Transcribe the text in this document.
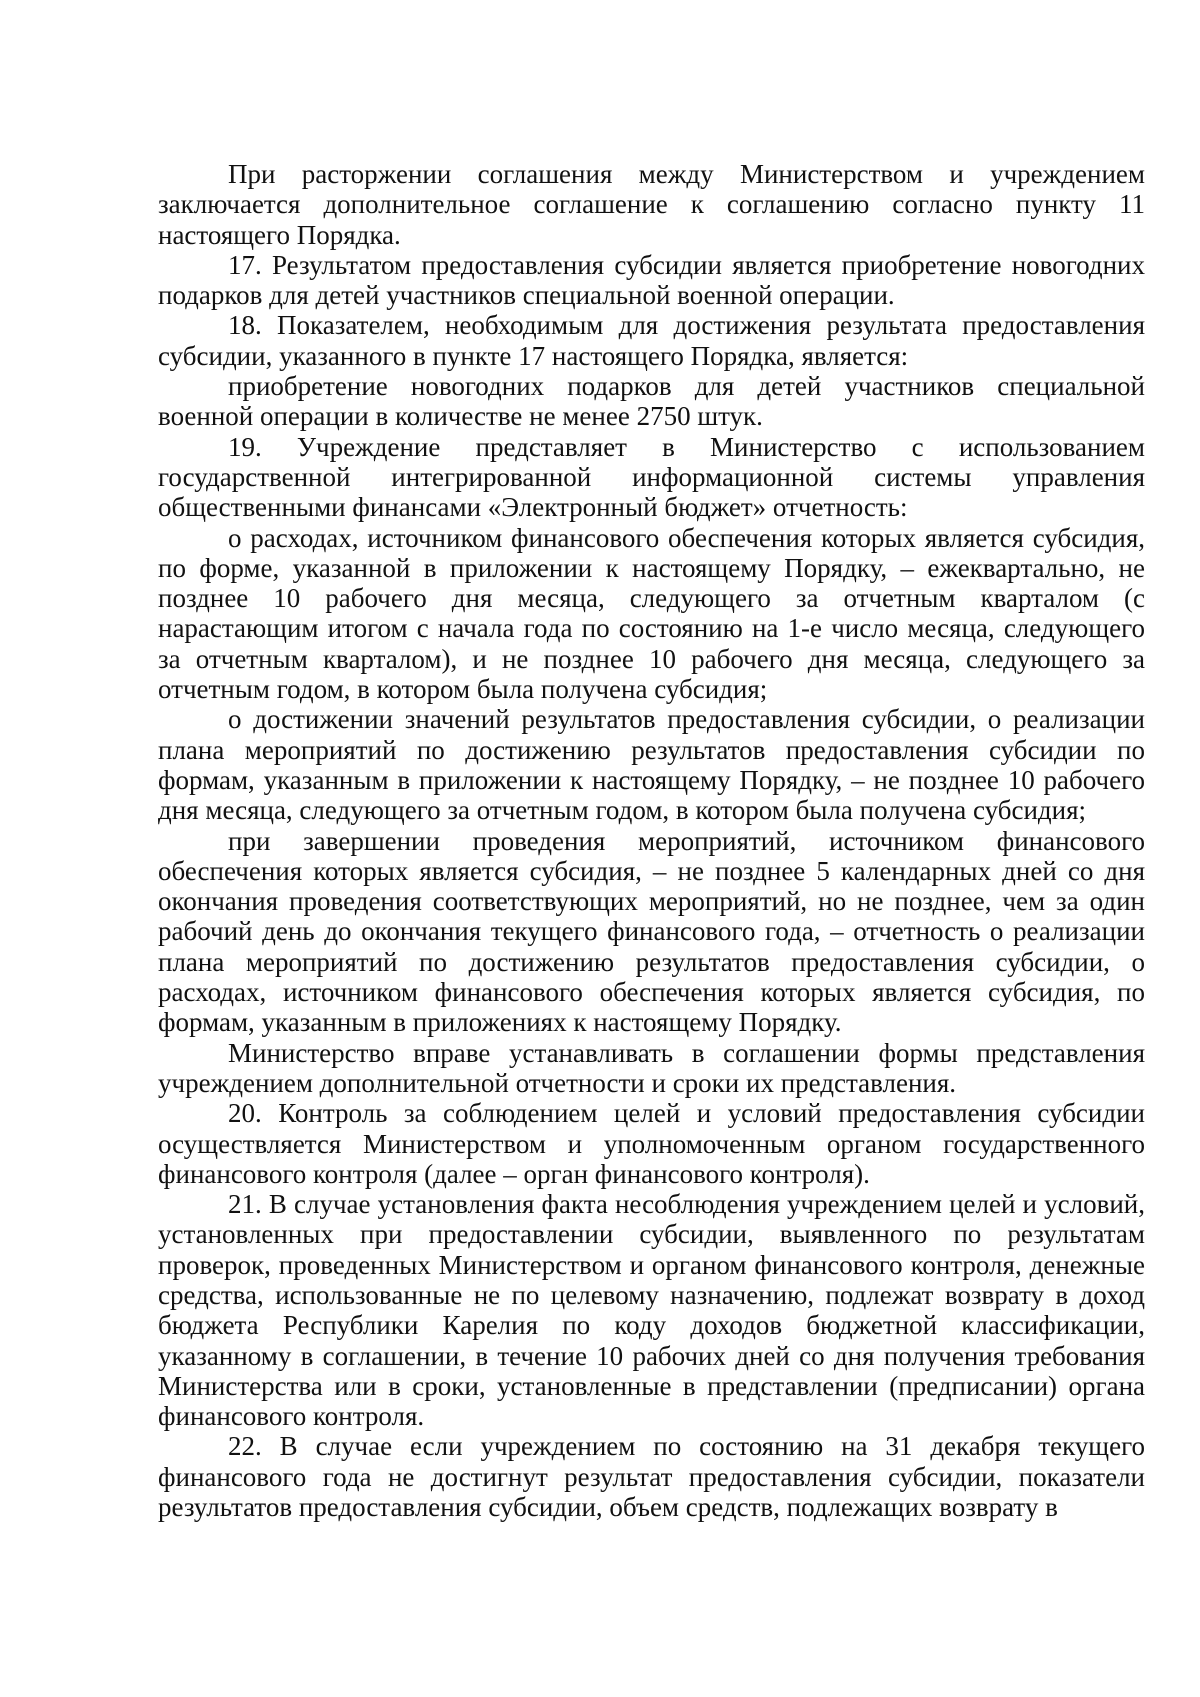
При расторжении соглашения между Министерством и учреждением заключается дополнительное соглашение к соглашению согласно пункту 11 настоящего Порядка.

17. Результатом предоставления субсидии является приобретение новогодних подарков для детей участников специальной военной операции.

18. Показателем, необходимым для достижения результата предоставления субсидии, указанного в пункте 17 настоящего Порядка, является:

приобретение новогодних подарков для детей участников специальной военной операции в количестве не менее 2750 штук.

19. Учреждение представляет в Министерство с использованием государственной интегрированной информационной системы управления общественными финансами «Электронный бюджет» отчетность:

о расходах, источником финансового обеспечения которых является субсидия, по форме, указанной в приложении к настоящему Порядку, – ежеквартально, не позднее 10 рабочего дня месяца, следующего за отчетным кварталом (с нарастающим итогом с начала года по состоянию на 1-е число месяца, следующего за отчетным кварталом), и не позднее 10 рабочего дня месяца, следующего за отчетным годом, в котором была получена субсидия;

о достижении значений результатов предоставления субсидии, о реализации плана мероприятий по достижению результатов предоставления субсидии по формам, указанным в приложении к настоящему Порядку, – не позднее 10 рабочего дня месяца, следующего за отчетным годом, в котором была получена субсидия;

при завершении проведения мероприятий, источником финансового обеспечения которых является субсидия, – не позднее 5 календарных дней со дня окончания проведения соответствующих мероприятий, но не позднее, чем за один рабочий день до окончания текущего финансового года, – отчетность о реализации плана мероприятий по достижению результатов предоставления субсидии, о расходах, источником финансового обеспечения которых является субсидия, по формам, указанным в приложениях к настоящему Порядку.

Министерство вправе устанавливать в соглашении формы представления учреждением дополнительной отчетности и сроки их представления.

20. Контроль за соблюдением целей и условий предоставления субсидии осуществляется Министерством и уполномоченным органом государственного финансового контроля (далее – орган финансового контроля).

21. В случае установления факта несоблюдения учреждением целей и условий, установленных при предоставлении субсидии, выявленного по результатам проверок, проведенных Министерством и органом финансового контроля, денежные средства, использованные не по целевому назначению, подлежат возврату в доход бюджета Республики Карелия по коду доходов бюджетной классификации, указанному в соглашении, в течение 10 рабочих дней со дня получения требования Министерства или в сроки, установленные в представлении (предписании) органа финансового контроля.

22. В случае если учреждением по состоянию на 31 декабря текущего финансового года не достигнут результат предоставления субсидии, показатели результатов предоставления субсидии, объем средств, подлежащих возврату в
